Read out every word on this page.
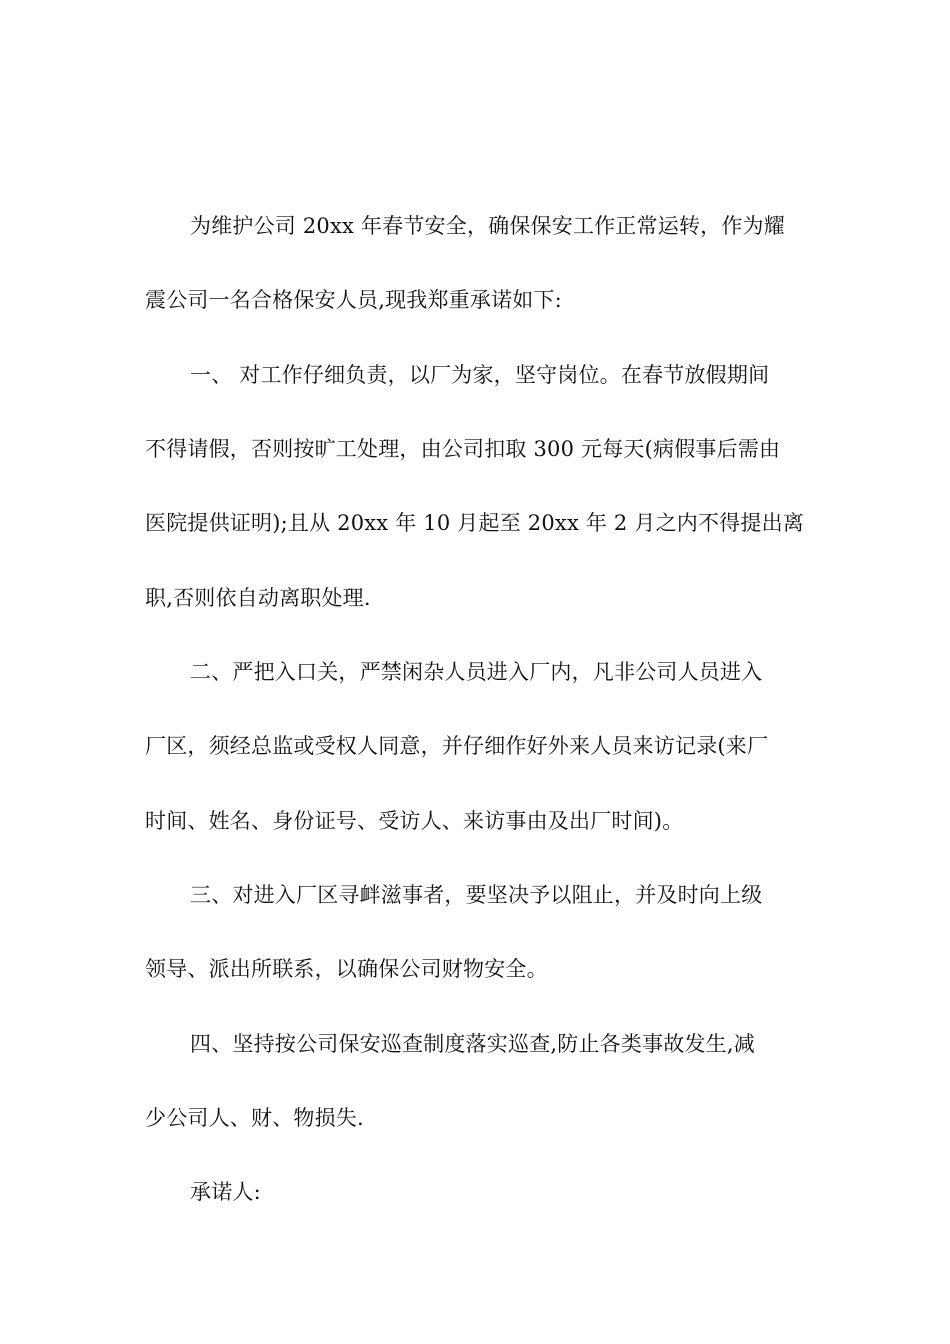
为维护公司 20xx 年春节安全，确保保安工作正常运转，作为耀
震公司一名合格保安人员,现我郑重承诺如下:
一、 对工作仔细负责，以厂为家，坚守岗位。在春节放假期间
不得请假，否则按旷工处理，由公司扣取 300 元每天(病假事后需由
医院提供证明);且从 20xx 年 10 月起至 20xx 年 2 月之内不得提出离
职,否则依自动离职处理.
二、严把入口关，严禁闲杂人员进入厂内，凡非公司人员进入
厂区，须经总监或受权人同意，并仔细作好外来人员来访记录(来厂
时间、姓名、身份证号、受访人、来访事由及出厂时间)。
三、对进入厂区寻衅滋事者，要坚决予以阻止，并及时向上级
领导、派出所联系，以确保公司财物安全。
四、坚持按公司保安巡查制度落实巡查,防止各类事故发生,减
少公司人、财、物损失.
承诺人:
